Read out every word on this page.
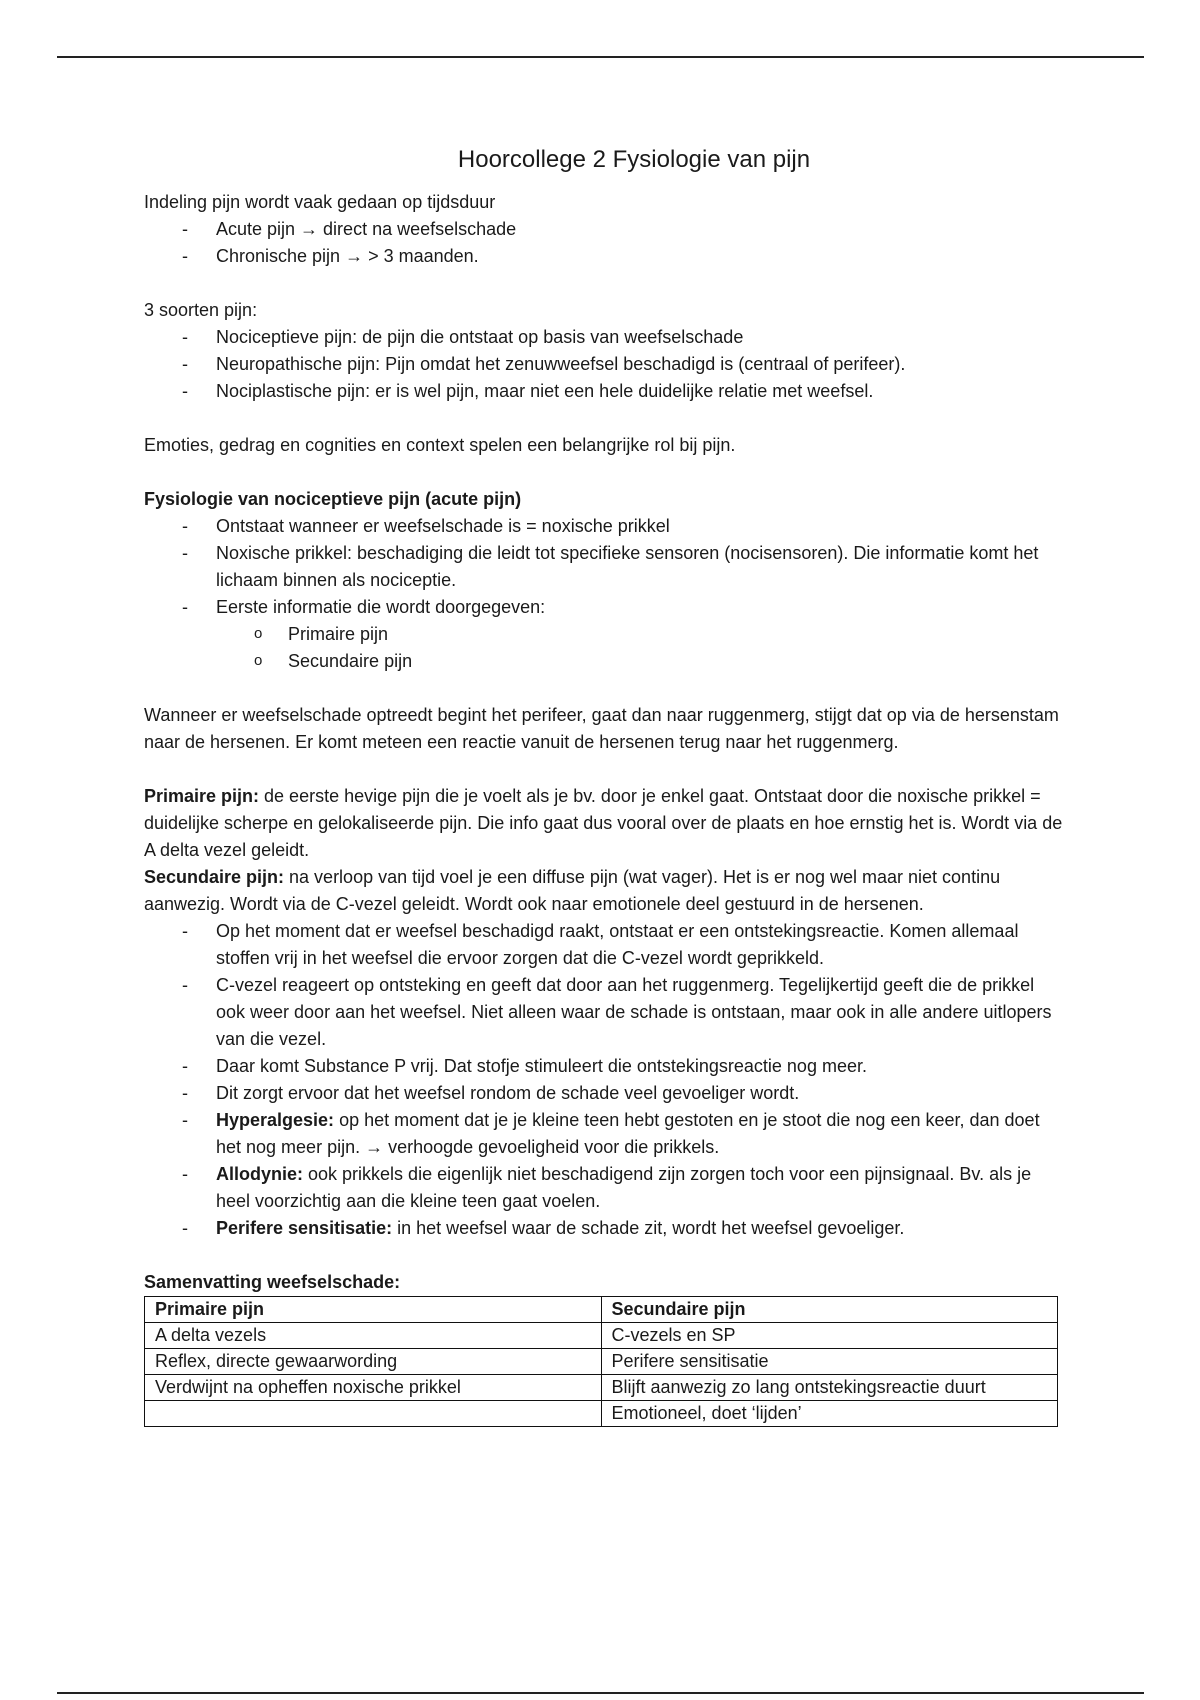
Hoorcollege 2 Fysiologie van pijn

Indeling pijn wordt vaak gedaan op tijdsduur

- Acute pijn → direct na weefselschade
- Chronische pijn → > 3 maanden.

3 soorten pijn:

- Nociceptieve pijn: de pijn die ontstaat op basis van weefselschade
- Neuropathische pijn: Pijn omdat het zenuwweefsel beschadigd is (centraal of perifeer).
- Nociplastische pijn: er is wel pijn, maar niet een hele duidelijke relatie met weefsel.

Emoties, gedrag en cognities en context spelen een belangrijke rol bij pijn.

Fysiologie van nociceptieve pijn (acute pijn)

- Ontstaat wanneer er weefselschade is = noxische prikkel
- Noxische prikkel: beschadiging die leidt tot specifieke sensoren (nocisensoren). Die informatie komt het lichaam binnen als nociceptie.
- Eerste informatie die wordt doorgegeven:
o Primaire pijn
o Secundaire pijn

Wanneer er weefselschade optreedt begint het perifeer, gaat dan naar ruggenmerg, stijgt dat op via de hersenstam naar de hersenen. Er komt meteen een reactie vanuit de hersenen terug naar het ruggenmerg.

Primaire pijn: de eerste hevige pijn die je voelt als je bv. door je enkel gaat. Ontstaat door die noxische prikkel = duidelijke scherpe en gelokaliseerde pijn. Die info gaat dus vooral over de plaats en hoe ernstig het is. Wordt via de A delta vezel geleidt.

Secundaire pijn: na verloop van tijd voel je een diffuse pijn (wat vager). Het is er nog wel maar niet continu aanwezig. Wordt via de C-vezel geleidt. Wordt ook naar emotionele deel gestuurd in de hersenen.

- Op het moment dat er weefsel beschadigd raakt, ontstaat er een ontstekingsreactie. Komen allemaal stoffen vrij in het weefsel die ervoor zorgen dat die C-vezel wordt geprikkeld.
- C-vezel reageert op ontsteking en geeft dat door aan het ruggenmerg. Tegelijkertijd geeft die de prikkel ook weer door aan het weefsel. Niet alleen waar de schade is ontstaan, maar ook in alle andere uitlopers van die vezel.
- Daar komt Substance P vrij. Dat stofje stimuleert die ontstekingsreactie nog meer.
- Dit zorgt ervoor dat het weefsel rondom de schade veel gevoeliger wordt.
- Hyperalgesie: op het moment dat je je kleine teen hebt gestoten en je stoot die nog een keer, dan doet het nog meer pijn. → verhoogde gevoeligheid voor die prikkels.
- Allodynie: ook prikkels die eigenlijk niet beschadigend zijn zorgen toch voor een pijnsignaal. Bv. als je heel voorzichtig aan die kleine teen gaat voelen.
- Perifere sensitisatie: in het weefsel waar de schade zit, wordt het weefsel gevoeliger.

Samenvatting weefselschade:

Primaire pijn	Secundaire pijn
A delta vezels	C-vezels en SP
Reflex, directe gewaarwording	Perifere sensitisatie
Verdwijnt na opheffen noxische prikkel	Blijft aanwezig zo lang ontstekingsreactie duurt
	Emotioneel, doet ‘lijden’
